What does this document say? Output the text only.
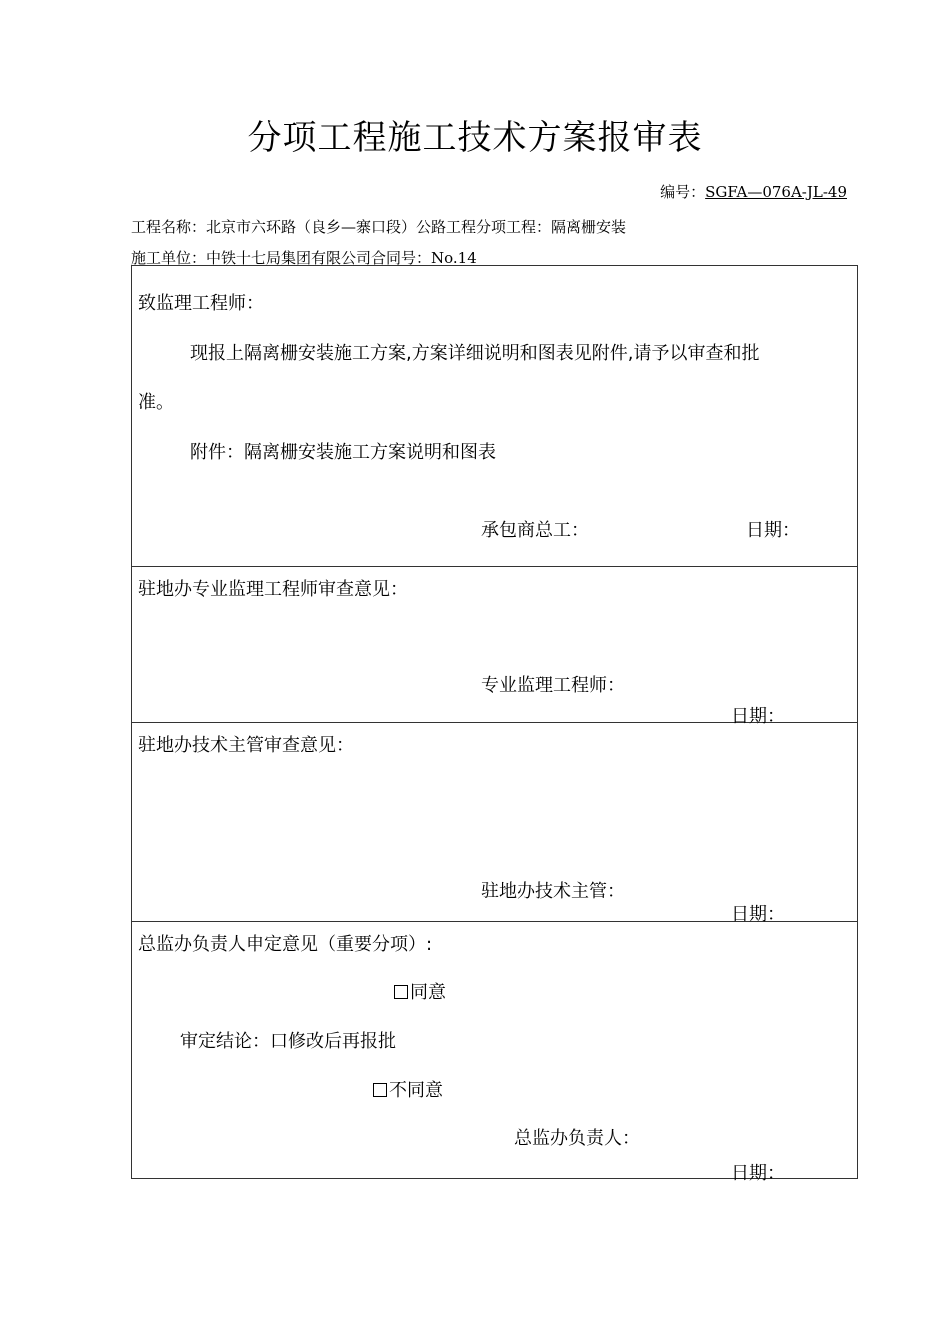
分项工程施工技术方案报审表
编号：SGFA—076A-JL-49
工程名称：北京市六环路（良乡—寨口段）公路工程分项工程：隔离栅安装
施工单位：中铁十七局集团有限公司合同号：No.14
致监理工程师：
现报上隔离栅安装施工方案,方案详细说明和图表见附件,请予以审查和批
准。
附件：隔离栅安装施工方案说明和图表
承包商总工：	日期：
驻地办专业监理工程师审查意见：
专业监理工程师：
日期：
驻地办技术主管审查意见：
驻地办技术主管：
日期：
总监办负责人申定意见（重要分项）:
同意
审定结论：口修改后再报批
不同意
总监办负责人：
日期：
